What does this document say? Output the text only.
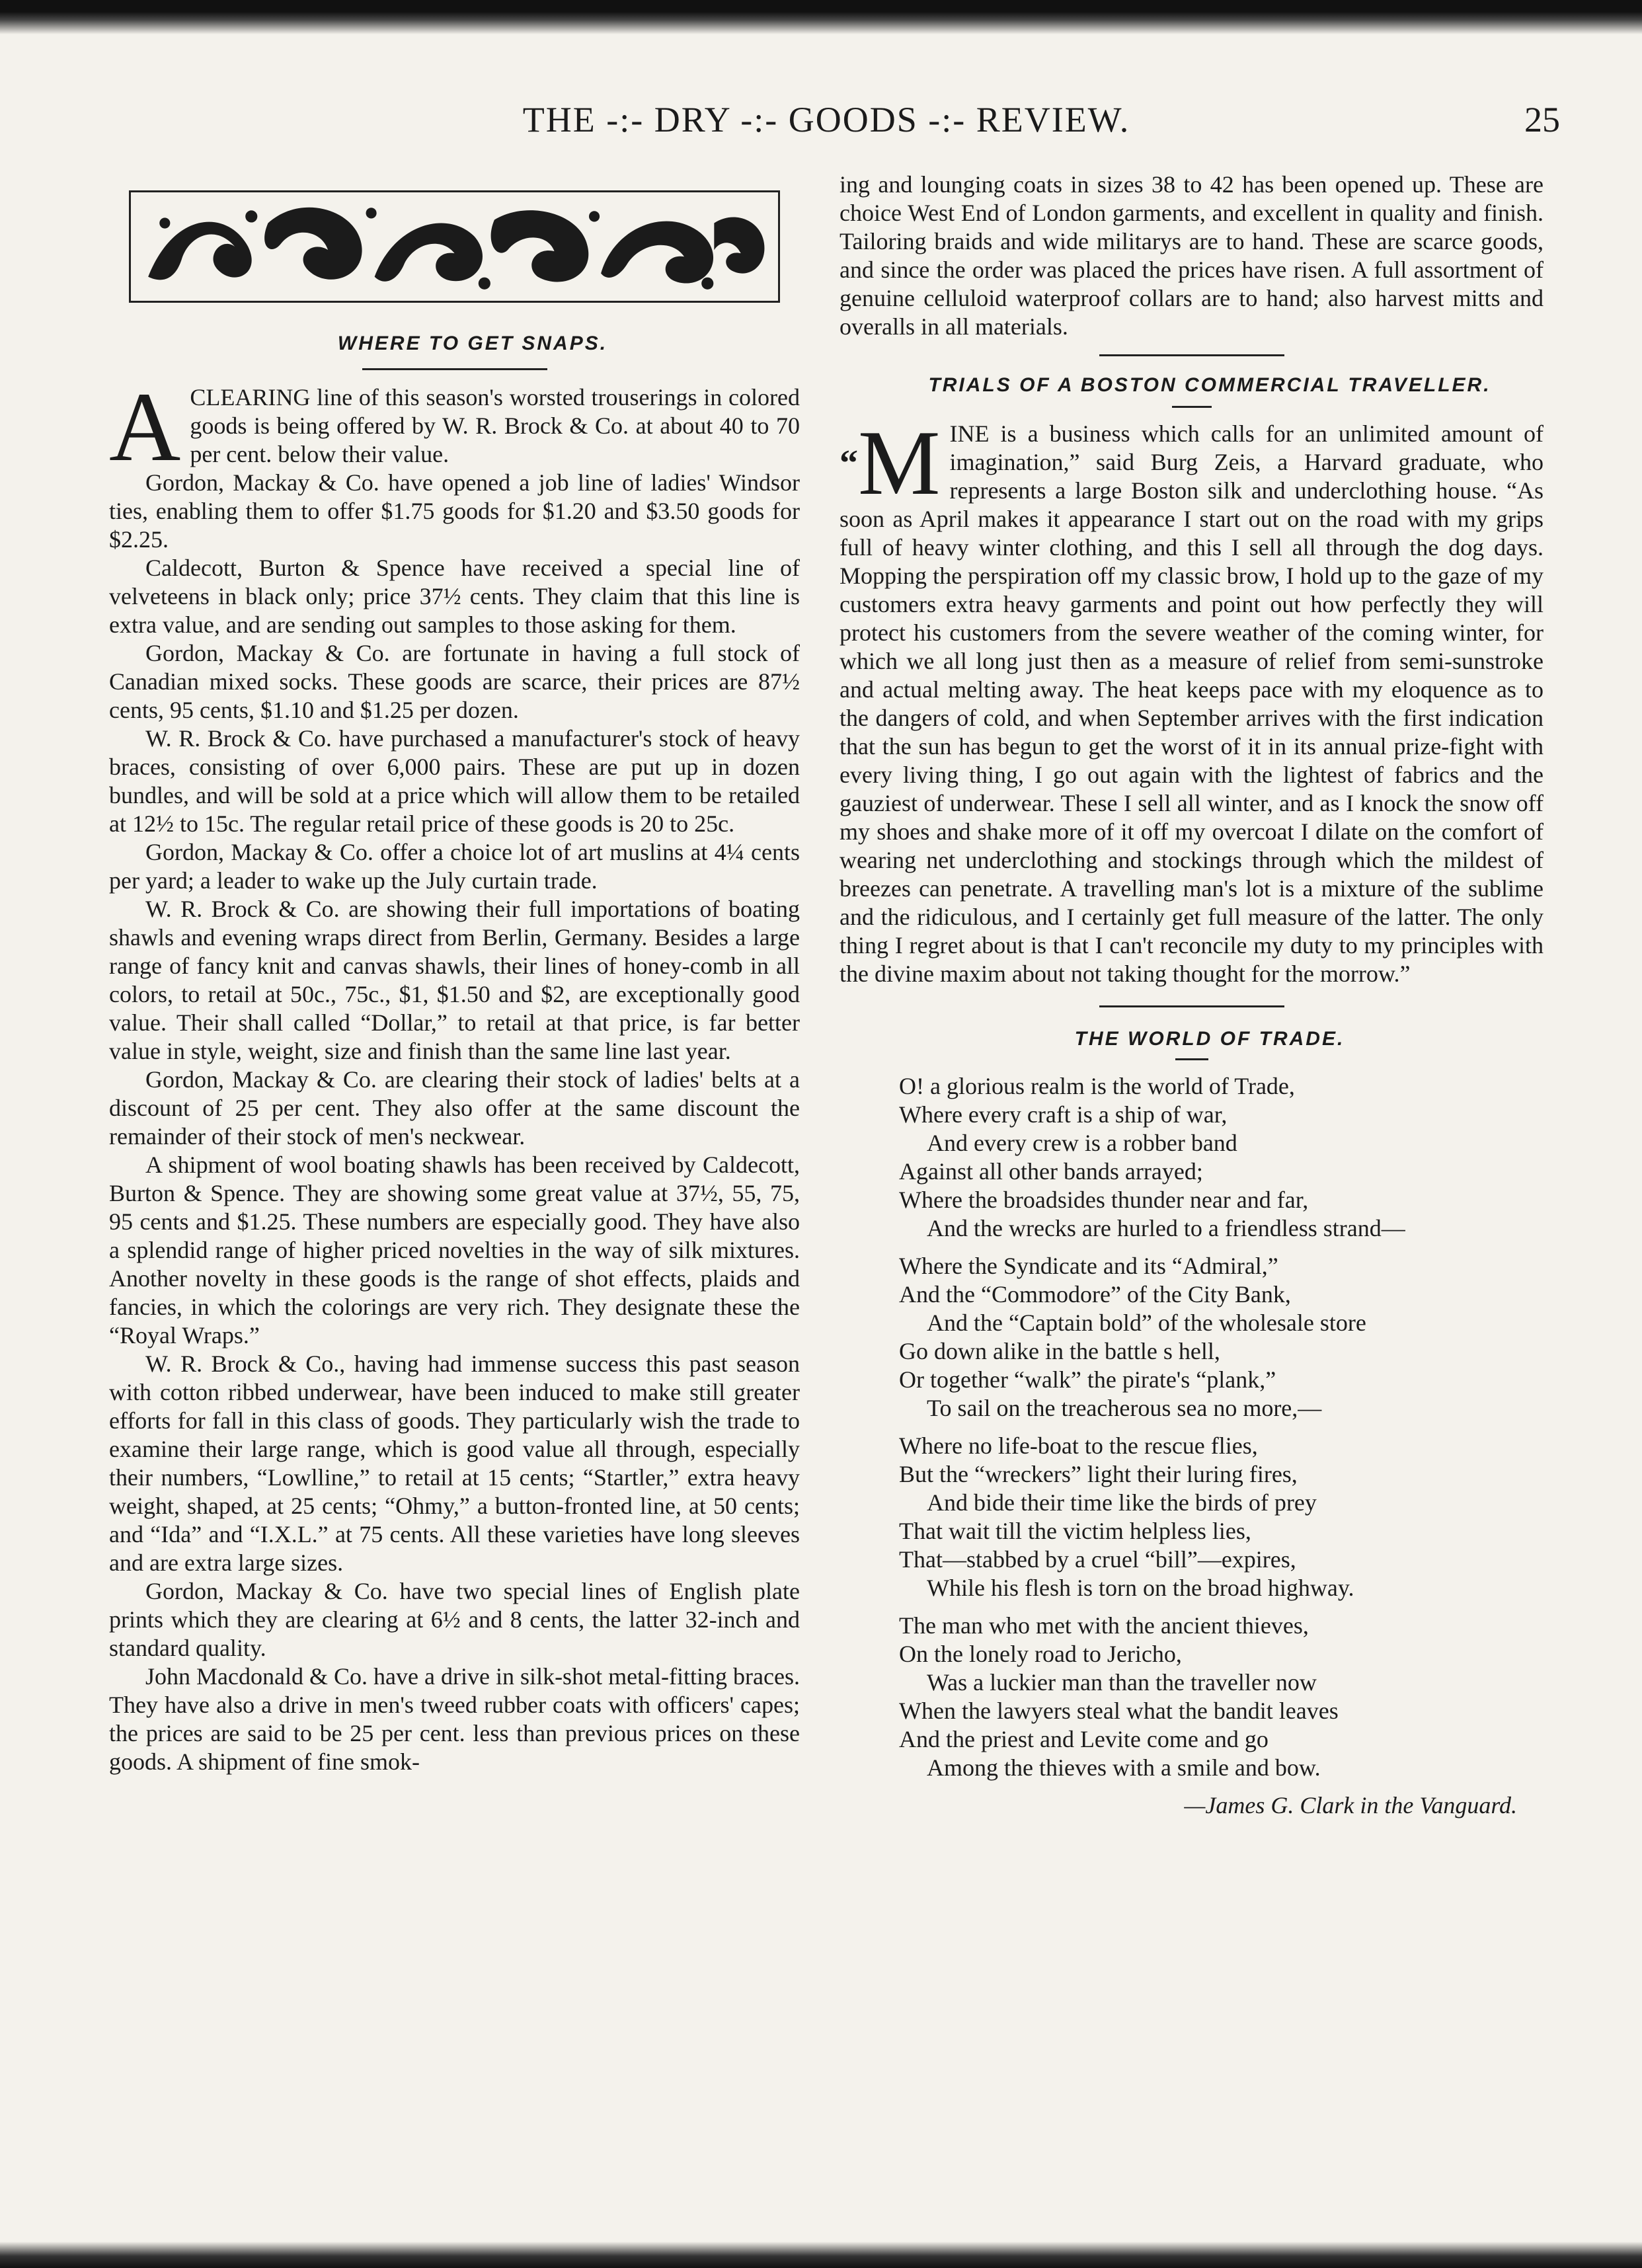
THE -:- DRY -:- GOODS -:- REVIEW.	25

WHERE TO GET SNAPS.

ACLEARING line of this season's worsted trouserings in colored goods is being offered by W. R. Brock & Co. at about 40 to 70 per cent. below their value.

Gordon, Mackay & Co. have opened a job line of ladies' Windsor ties, enabling them to offer $1.75 goods for $1.20 and $3.50 goods for $2.25.

Caldecott, Burton & Spence have received a special line of velveteens in black only; price 37½ cents. They claim that this line is extra value, and are sending out samples to those asking for them.

Gordon, Mackay & Co. are fortunate in having a full stock of Canadian mixed socks. These goods are scarce, their prices are 87½ cents, 95 cents, $1.10 and $1.25 per dozen.

W. R. Brock & Co. have purchased a manufacturer's stock of heavy braces, consisting of over 6,000 pairs. These are put up in dozen bundles, and will be sold at a price which will allow them to be retailed at 12½ to 15c. The regular retail price of these goods is 20 to 25c.

Gordon, Mackay & Co. offer a choice lot of art muslins at 4¼ cents per yard; a leader to wake up the July curtain trade.

W. R. Brock & Co. are showing their full importations of boating shawls and evening wraps direct from Berlin, Germany. Besides a large range of fancy knit and canvas shawls, their lines of honey-comb in all colors, to retail at 50c., 75c., $1, $1.50 and $2, are exceptionally good value. Their shall called “Dollar,” to retail at that price, is far better value in style, weight, size and finish than the same line last year.

Gordon, Mackay & Co. are clearing their stock of ladies' belts at a discount of 25 per cent. They also offer at the same discount the remainder of their stock of men's neckwear.

A shipment of wool boating shawls has been received by Caldecott, Burton & Spence. They are showing some great value at 37½, 55, 75, 95 cents and $1.25. These numbers are especially good. They have also a splendid range of higher priced novelties in the way of silk mixtures. Another novelty in these goods is the range of shot effects, plaids and fancies, in which the colorings are very rich. They designate these the “Royal Wraps.”

W. R. Brock & Co., having had immense success this past season with cotton ribbed underwear, have been induced to make still greater efforts for fall in this class of goods. They particularly wish the trade to examine their large range, which is good value all through, especially their numbers, “Lowlline,” to retail at 15 cents; “Startler,” extra heavy weight, shaped, at 25 cents; “Ohmy,” a button-fronted line, at 50 cents; and “Ida” and “I.X.L.” at 75 cents. All these varieties have long sleeves and are extra large sizes.

Gordon, Mackay & Co. have two special lines of English plate prints which they are clearing at 6½ and 8 cents, the latter 32-inch and standard quality.

John Macdonald & Co. have a drive in silk-shot metal-fitting braces. They have also a drive in men's tweed rubber coats with officers' capes; the prices are said to be 25 per cent. less than previous prices on these goods. A shipment of fine smok-

ing and lounging coats in sizes 38 to 42 has been opened up. These are choice West End of London garments, and excellent in quality and finish. Tailoring braids and wide militarys are to hand. These are scarce goods, and since the order was placed the prices have risen. A full assortment of genuine celluloid waterproof collars are to hand; also harvest mitts and overalls in all materials.

TRIALS OF A BOSTON COMMERCIAL TRAVELLER.

“M INE is a business which calls for an unlimited amount of imagination,” said Burg Zeis, a Harvard graduate, who represents a large Boston silk and underclothing house. “As soon as April makes it appearance I start out on the road with my grips full of heavy winter clothing, and this I sell all through the dog days. Mopping the perspiration off my classic brow, I hold up to the gaze of my customers extra heavy garments and point out how perfectly they will protect his customers from the severe weather of the coming winter, for which we all long just then as a measure of relief from semi-sunstroke and actual melting away. The heat keeps pace with my eloquence as to the dangers of cold, and when September arrives with the first indication that the sun has begun to get the worst of it in its annual prize-fight with every living thing, I go out again with the lightest of fabrics and the gauziest of underwear. These I sell all winter, and as I knock the snow off my shoes and shake more of it off my overcoat I dilate on the comfort of wearing net underclothing and stockings through which the mildest of breezes can penetrate. A travelling man's lot is a mixture of the sublime and the ridiculous, and I certainly get full measure of the latter. The only thing I regret about is that I can't reconcile my duty to my principles with the divine maxim about not taking thought for the morrow.”

THE WORLD OF TRADE.

O! a glorious realm is the world of Trade,
Where every craft is a ship of war,
And every crew is a robber band
Against all other bands arrayed;
Where the broadsides thunder near and far,
And the wrecks are hurled to a friendless strand—
Where the Syndicate and its “Admiral,”
And the “Commodore” of the City Bank,
And the “Captain bold” of the wholesale store
Go down alike in the battle s hell,
Or together “walk” the pirate's “plank,”
To sail on the treacherous sea no more,—
Where no life-boat to the rescue flies,
But the “wreckers” light their luring fires,
And bide their time like the birds of prey
That wait till the victim helpless lies,
That—stabbed by a cruel “bill”—expires,
While his flesh is torn on the broad highway.
The man who met with the ancient thieves,
On the lonely road to Jericho,
Was a luckier man than the traveller now
When the lawyers steal what the bandit leaves
And the priest and Levite come and go
Among the thieves with a smile and bow.
—James G. Clark in the Vanguard.
